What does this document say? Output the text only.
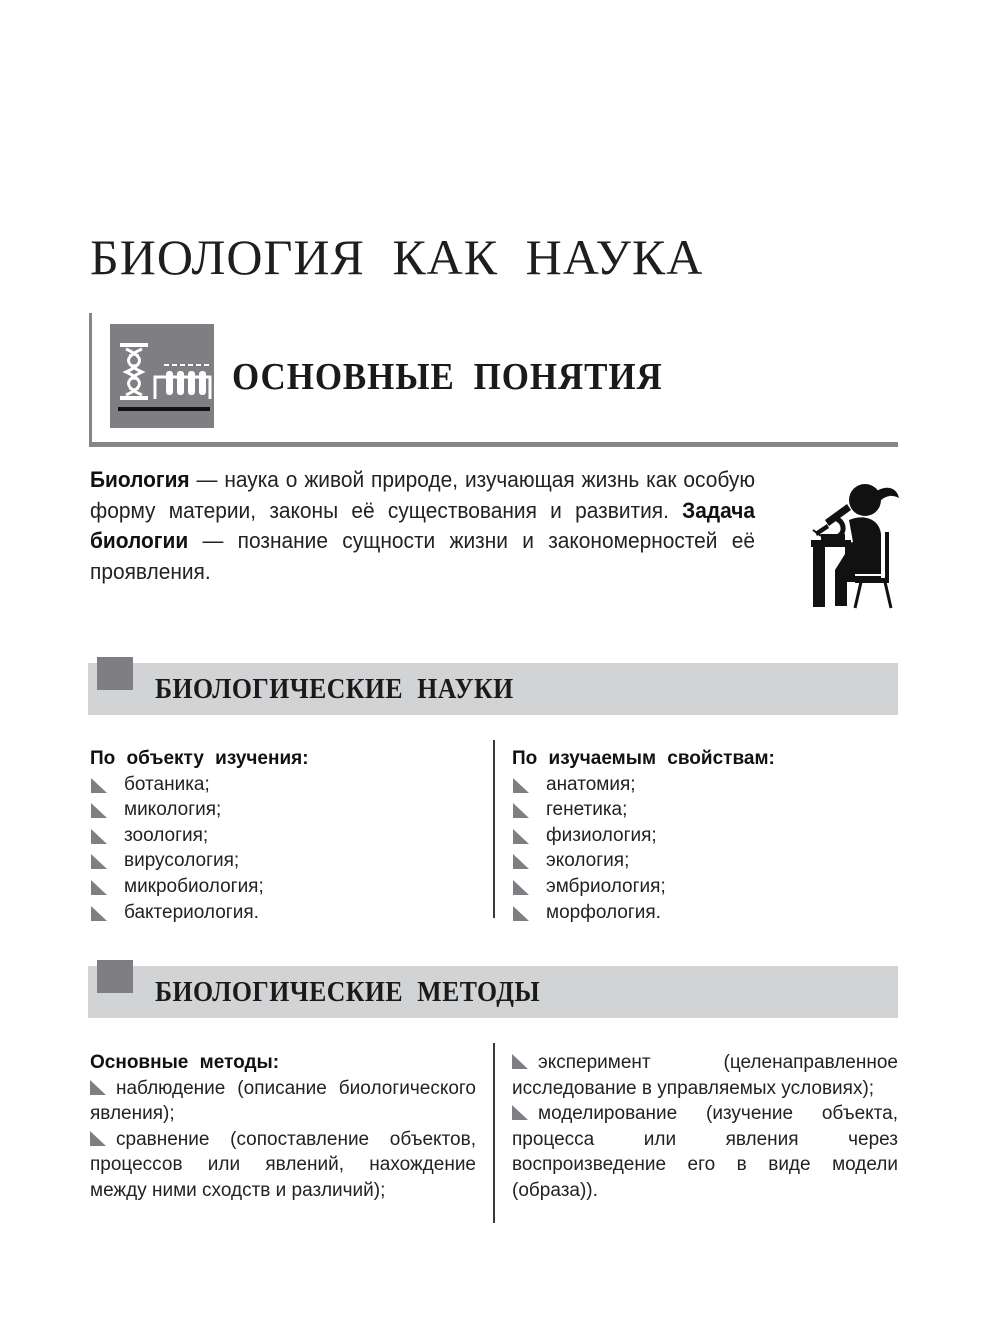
БИОЛОГИЯ КАК НАУКА
ОСНОВНЫЕ ПОНЯТИЯ

Биология — наука о живой природе, изучающая жизнь как особую форму материи, законы её существования и развития. Задача биологии — познание сущности жизни и закономерностей её проявления.

БИОЛОГИЧЕСКИЕ НАУКИ
По объекту изучения:
ботаника;
микология;
зоология;
вирусология;
микробиология;
бактериология.
По изучаемым свойствам:
анатомия;
генетика;
физиология;
экология;
эмбриология;
морфология.
БИОЛОГИЧЕСКИЕ МЕТОДЫ
Основные методы:

наблюдение (описание биологического явления);

сравнение (сопоставление объектов, процессов или явлений, нахождение между ними сходств и различий);

эксперимент (целенаправленное исследование в управляемых условиях);

моделирование (изучение объекта, процесса или явления через воспроизведение его в виде модели (образа)).
